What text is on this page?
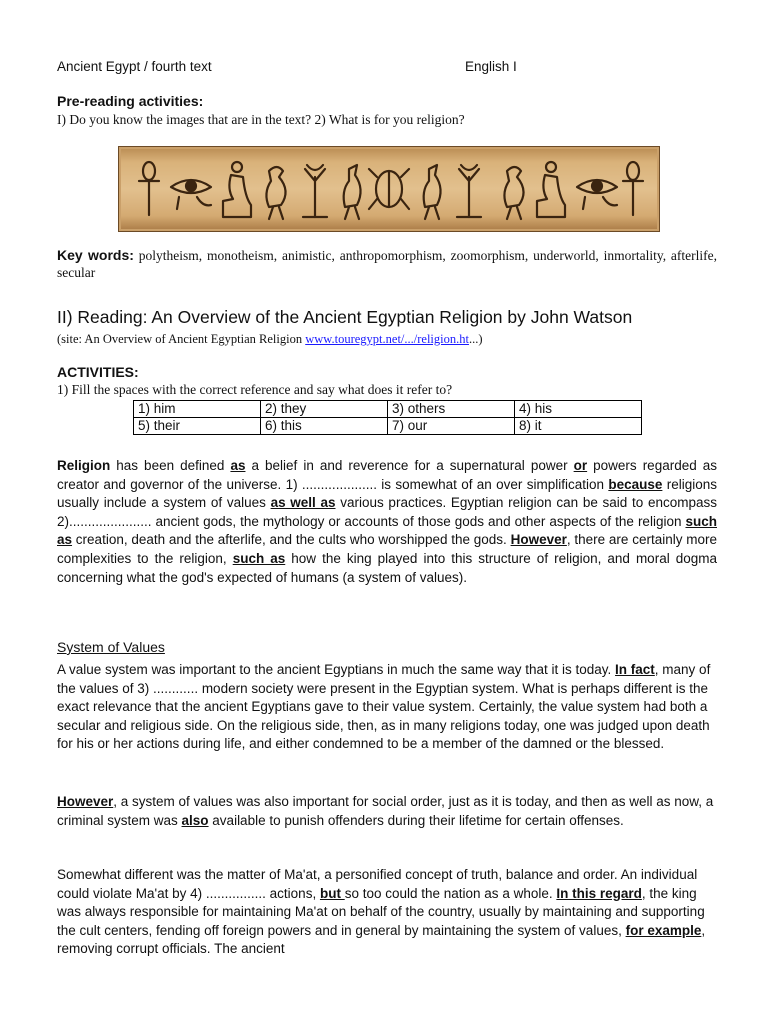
Ancient Egypt / fourth text	English I
Pre-reading activities:
I) Do you know the images that are in the text? 2) What is for you religion?
Key words: polytheism, monotheism, animistic, anthropomorphism, zoomorphism, underworld, inmortality, afterlife, secular
II) Reading: An Overview of the Ancient Egyptian Religion by John Watson
(site: An Overview of Ancient Egyptian Religion www.touregypt.net/.../religion.ht...)
ACTIVITIES:
1) Fill the spaces with the correct reference and say what does it refer to?
1) him	2) they	3) others	4) his
5) their	6) this	7) our	8) it
Religion has been defined as a belief in and reverence for a supernatural power or powers regarded as creator and governor of the universe. 1) .................... is somewhat of an over simplification because religions usually include a system of values as well as various practices. Egyptian religion can be said to encompass 2)...................... ancient gods, the mythology or accounts of those gods and other aspects of the religion such as creation, death and the afterlife, and the cults who worshipped the gods. However, there are certainly more complexities to the religion, such as how the king played into this structure of religion, and moral dogma concerning what the god's expected of humans (a system of values).
System of Values
A value system was important to the ancient Egyptians in much the same way that it is today. In fact, many of the values of 3) ............ modern society were present in the Egyptian system. What is perhaps different is the exact relevance that the ancient Egyptians gave to their value system. Certainly, the value system had both a secular and religious side. On the religious side, then, as in many religions today, one was judged upon death for his or her actions during life, and either condemned to be a member of the damned or the blessed.
However, a system of values was also important for social order, just as it is today, and then as well as now, a criminal system was also available to punish offenders during their lifetime for certain offenses.
Somewhat different was the matter of Ma'at, a personified concept of truth, balance and order. An individual could violate Ma'at by 4) ................ actions, but so too could the nation as a whole. In this regard, the king was always responsible for maintaining Ma'at on behalf of the country, usually by maintaining and supporting the cult centers, fending off foreign powers and in general by maintaining the system of values, for example, removing corrupt officials. The ancient
